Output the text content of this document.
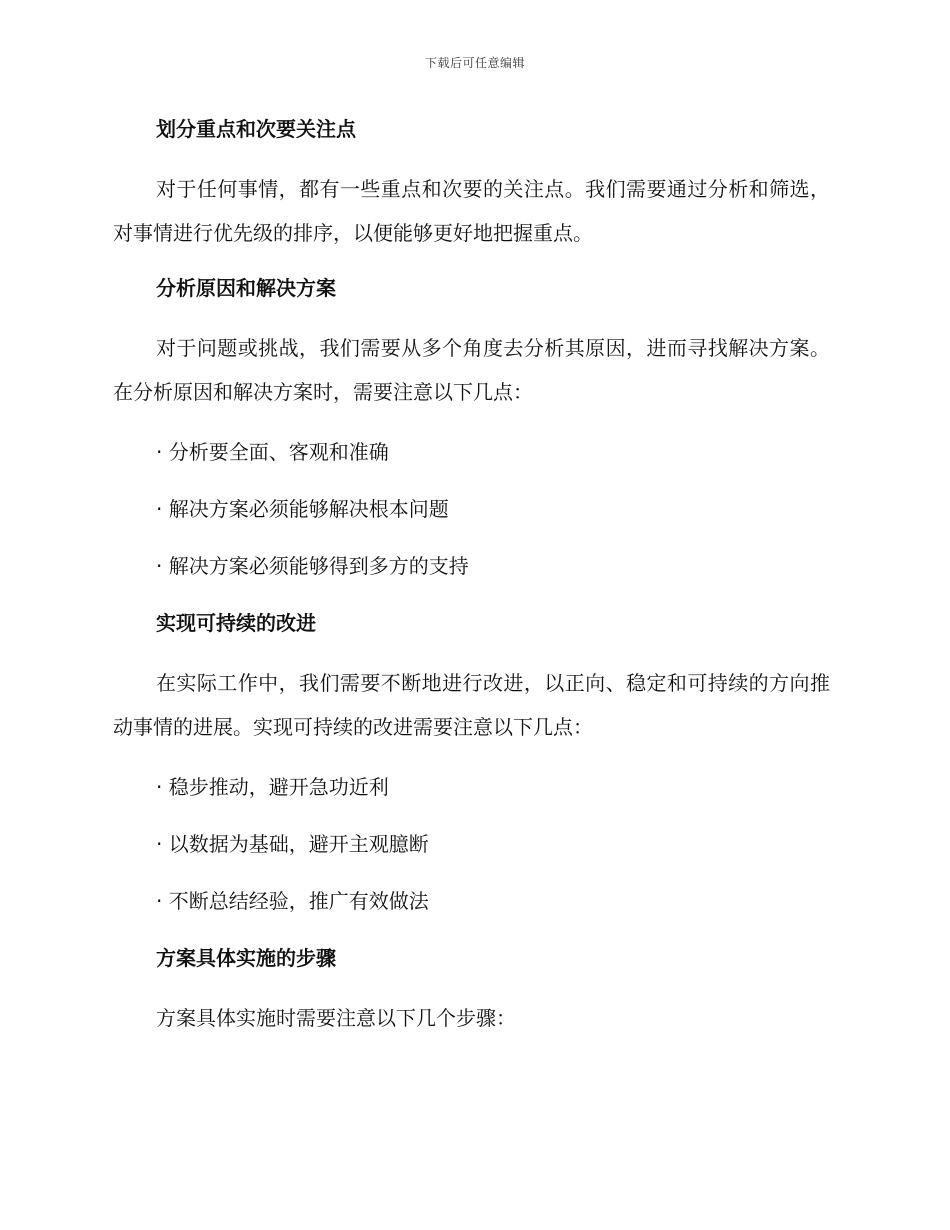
下载后可任意编辑
划分重点和次要关注点

对于任何事情，都有一些重点和次要的关注点。我们需要通过分析和筛选，对事情进行优先级的排序，以便能够更好地把握重点。

分析原因和解决方案

对于问题或挑战，我们需要从多个角度去分析其原因，进而寻找解决方案。在分析原因和解决方案时，需要注意以下几点：

· 分析要全面、客观和准确
· 解决方案必须能够解决根本问题
· 解决方案必须能够得到多方的支持
实现可持续的改进

在实际工作中，我们需要不断地进行改进，以正向、稳定和可持续的方向推动事情的进展。实现可持续的改进需要注意以下几点：

· 稳步推动，避开急功近利
· 以数据为基础，避开主观臆断
· 不断总结经验，推广有效做法
方案具体实施的步骤

方案具体实施时需要注意以下几个步骤：
